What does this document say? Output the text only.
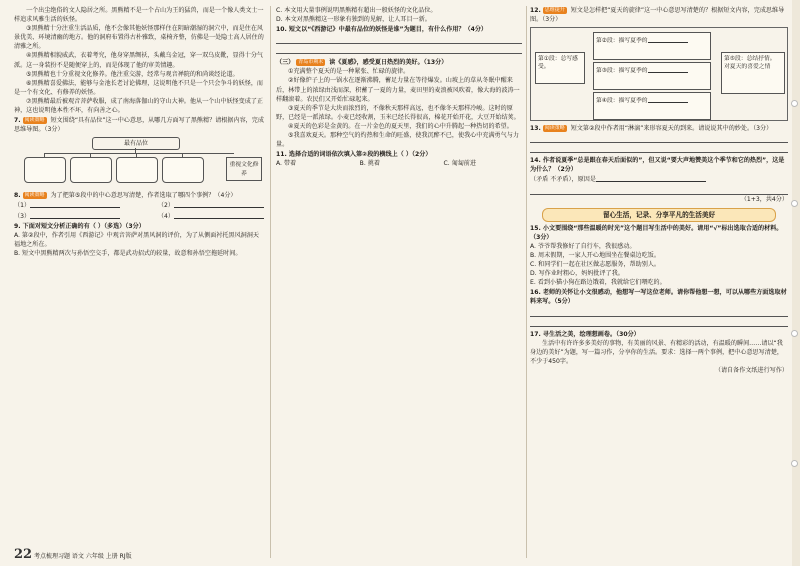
一个出尘绝俗的文人隐居之所。黑熊精不是一个占山为王的猛兽，而是一个像人类文士一样追求风雅生活的妖怪。

③黑熊精十分注重生活品质，他不会像其他妖怪那样住在阴暗潮湿的洞穴中，而是住在风景优美、环境清幽的地方。他的洞府布置得古朴雅致，桌椅齐整，仿佛是一处隐士高人居住的清雅之所。

④黑熊精相貌威武，衣着考究，他身穿黑绸袄，头戴乌金冠，穿一双乌皮靴，显得十分气派。这一身装扮不是随便穿上的，而是体现了他的审美情趣。

⑤黑熊精也十分重视文化修养。他注重交游，经常与观音禅院的和尚谈经论道。

⑥黑熊精喜爱佛法，能够与金池长老讨论佛理，这说明他不只是一个只会争斗的妖怪，而是一个有文化、有修养的妖怪。

⑦黑熊精最后被观音菩萨收服，成了南海落伽山的守山大神。他从一个山中妖怪变成了正神，这也说明他本性不坏，有向善之心。

7. 阅读策略 短文围绕“具有品位”这一中心意思，从哪几方面写了黑熊精？请根据内容，完成思维导图。（3分）

最有品位
重视文化修养

8. 阅读策略 为了把第⑤段中的中心意思写清楚，作者选取了哪四个事例？（4分）

（1）	（2）
（3）	（4）

9. 下面对短文分析正确的有（ ）（多选）（3分）

A. 第②段中，作者引用《西游记》中观音菩萨对黑风洞的评价，为了从侧面衬托黑风洞洞天福地之所在。

B. 短文中黑熊精两次与孙悟空交手，都是武功招式的较量，故意和孙悟空拖延时间。

22 考点梳理习题 语文 六年级 上册 RJ版

C. 本文用大量事例说明黑熊精有超出一般妖怪的文化品位。

D. 本文对黑熊精这一形象有独到的见解，让人耳目一新。

10. 短文以“《西游记》中最有品位的妖怪是谁”为题目，有什么作用？（4分）

（三） 青岛市期末 读《夏感》，感受夏日热烈的美好。（13分）

①充满整个夏天的是一种紧张、忙碌的旋律。

②好像炉子上的一锅水在逐渐沸腾，蓄足力量在等待爆发。山坡上的草从冬眠中醒来后，林带上的浓绿由浅而深，积蓄了一夏的力量，麦田里的麦浪被风吹着，像大海的波涛一样翻滚着。农民们又开始忙碌起来。

③夏天的季节是大块而浓烈的，不像秋天那样高远，也不像冬天那样冷峻。这时的原野，已经是一派浓绿。小麦已经收割，玉米已经长得很高，棉花开始开花，大豆开始结荚。

④夏天的色彩是金黄的。在一片金色的夏天里，我们的心中升腾起一种热切的希望。

⑤我喜欢夏天。那种空气的灼热和生命的旺盛，使我沉醉不已，使我心中充满勇气与力量。

11. 选择合适的词语依次填入第②段的横线上（ ）（2分）

A. 带着	B. 挑着	C. 匍匐前进

12. 思维提升 短文是怎样把“夏天的旋律”这一中心意思写清楚的？根据短文内容，完成思维导图。（3分）

第①段：总写感受。
第②段：描写夏季的
第③段：描写夏季的
第④段：描写夏季的
第⑤段：总结抒情。
对夏天的喜爱之情

13. 阅读策略 短文第②段中作者用“淋漓”来形容夏天的到来。请说说其中的妙处。（3分）

14. 作者说夏季“总是跟在春天后面似的”，但又说“要大声地赞美这个季节和它的热烈”，这是为什么？（2分）

（矛盾 不矛盾），原因是

（1+3，共4分）

留心生活，记录、分享平凡的生活美好

15. 小文要围绕“那些温暖的时光”这个题目写生活中的美好。请用“√”标出选取合适的材料。（3分）

A. 爷爷帮我修好了自行车，我很感动。

B. 周末假期，一家人开心地围坐在餐桌边吃饭。

C. 和同学们一起在社区做志愿服务，帮助别人。

D. 写作业时粗心，妈妈批评了我。

E. 看到小猫小狗在路边饿着，我就给它们喂吃的。

16. 老师的关怀让小文很感动，他想写一写这位老师。请你帮他想一想，可以从哪些方面选取材料来写。（5分）

17. 寻生活之美，绘理想画卷。（30分）

生活中有许许多多美好的事物，有美丽的风景、有精彩的活动，有温暖的瞬间……请以“我身边的美好”为题，写一篇习作，分享你的生活。要求：选择一两个事例，把中心意思写清楚，不少于450字。

（请自备作文纸进行写作）
